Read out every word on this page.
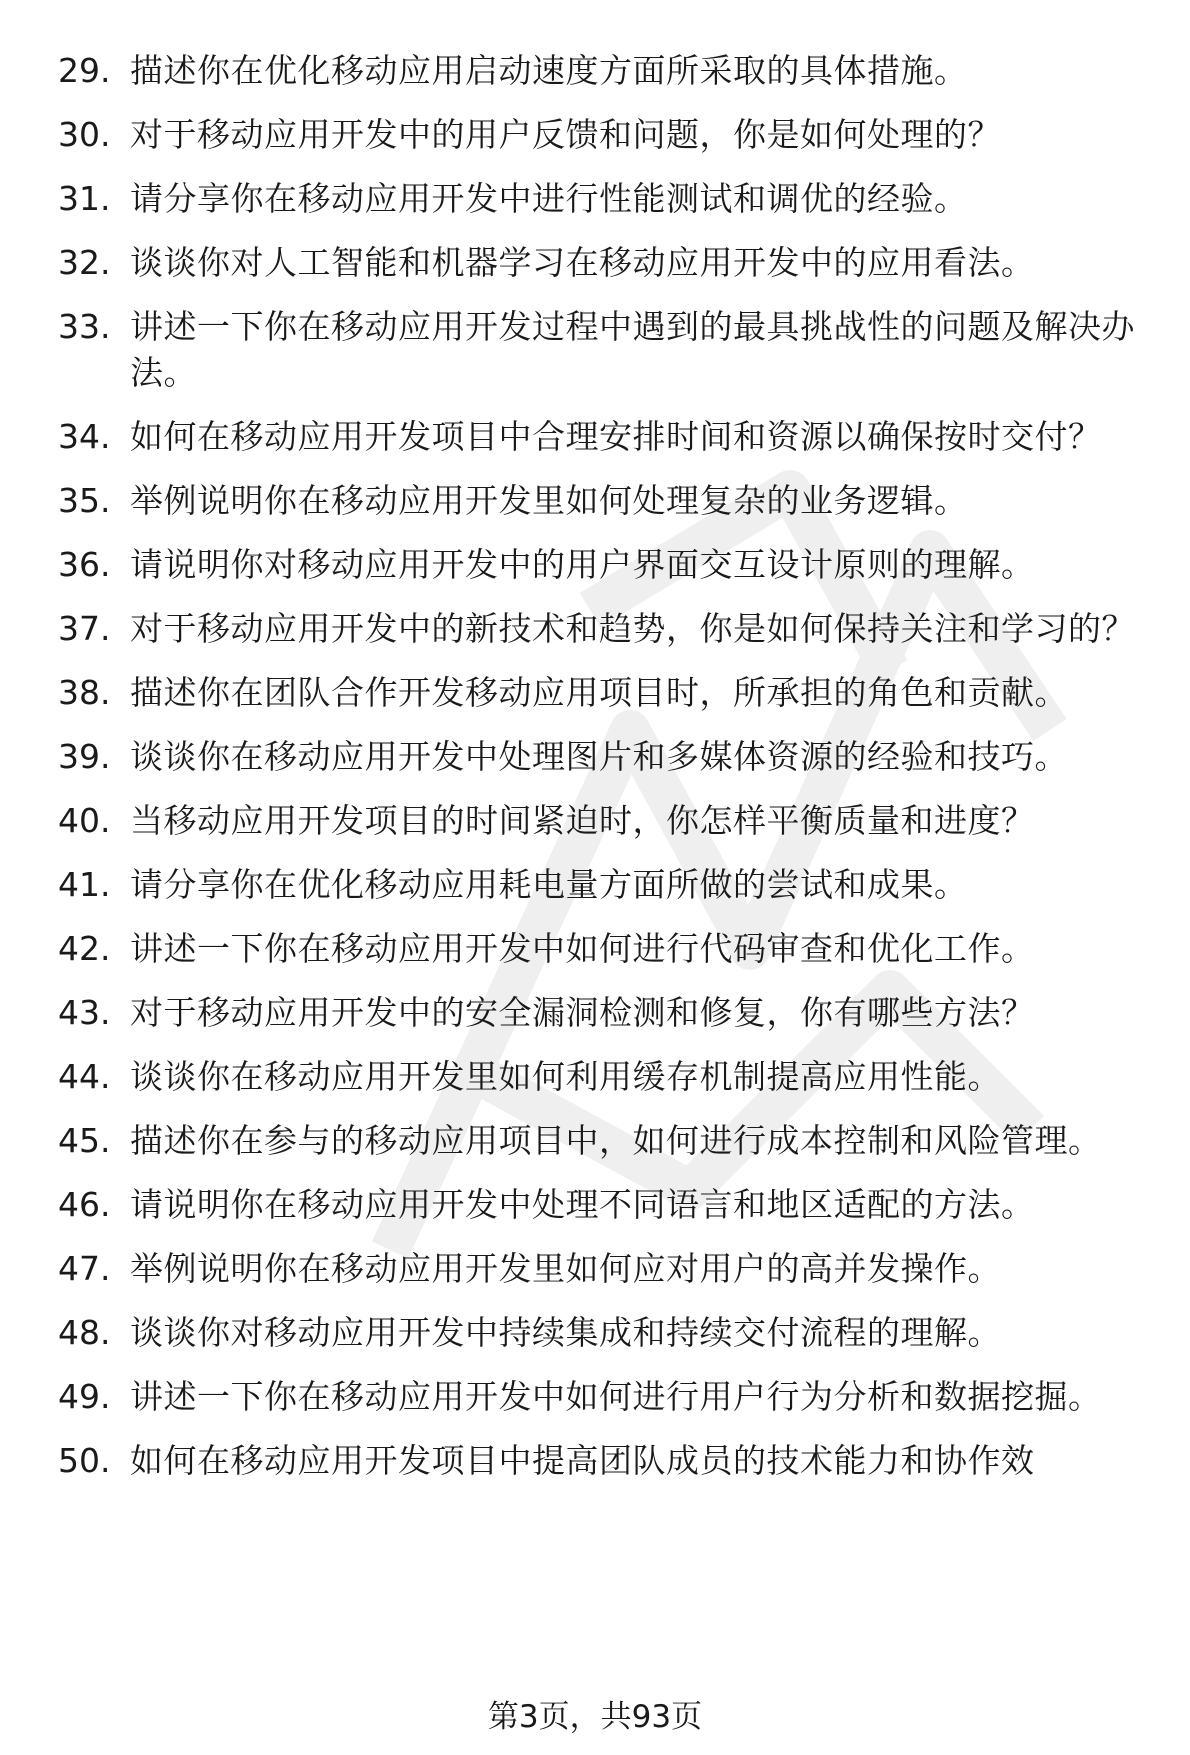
29. 描述你在优化移动应用启动速度方面所采取的具体措施。
30. 对于移动应用开发中的用户反馈和问题，你是如何处理的？
31. 请分享你在移动应用开发中进行性能测试和调优的经验。
32. 谈谈你对人工智能和机器学习在移动应用开发中的应用看法。
33. 讲述一下你在移动应用开发过程中遇到的最具挑战性的问题及解决办法。
34. 如何在移动应用开发项目中合理安排时间和资源以确保按时交付？
35. 举例说明你在移动应用开发里如何处理复杂的业务逻辑。
36. 请说明你对移动应用开发中的用户界面交互设计原则的理解。
37. 对于移动应用开发中的新技术和趋势，你是如何保持关注和学习的？
38. 描述你在团队合作开发移动应用项目时，所承担的角色和贡献。
39. 谈谈你在移动应用开发中处理图片和多媒体资源的经验和技巧。
40. 当移动应用开发项目的时间紧迫时，你怎样平衡质量和进度？
41. 请分享你在优化移动应用耗电量方面所做的尝试和成果。
42. 讲述一下你在移动应用开发中如何进行代码审查和优化工作。
43. 对于移动应用开发中的安全漏洞检测和修复，你有哪些方法？
44. 谈谈你在移动应用开发里如何利用缓存机制提高应用性能。
45. 描述你在参与的移动应用项目中，如何进行成本控制和风险管理。
46. 请说明你在移动应用开发中处理不同语言和地区适配的方法。
47. 举例说明你在移动应用开发里如何应对用户的高并发操作。
48. 谈谈你对移动应用开发中持续集成和持续交付流程的理解。
49. 讲述一下你在移动应用开发中如何进行用户行为分析和数据挖掘。
50. 如何在移动应用开发项目中提高团队成员的技术能力和协作效
第3页，共93页
